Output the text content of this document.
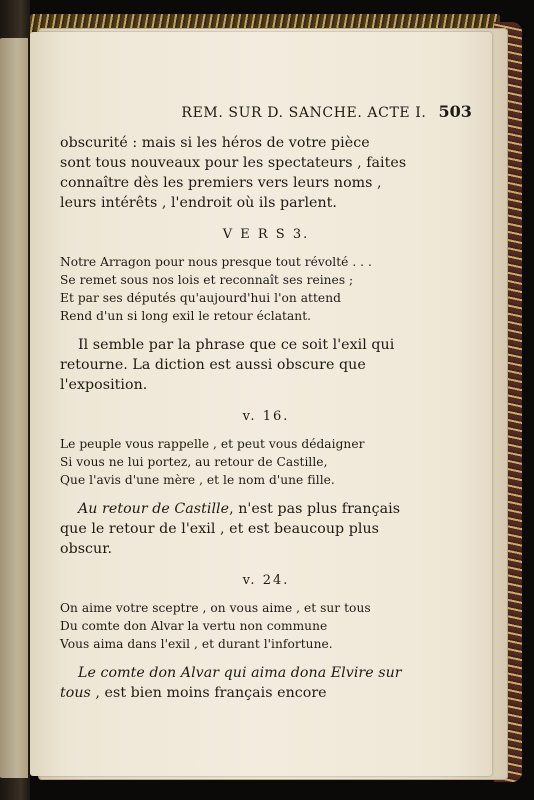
REM. SUR D. SANCHE. ACTE I. 503

obscurité : mais si les héros de votre pièce
sont tous nouveaux pour les spectateurs , faites
connaître dès les premiers vers leurs noms ,
leurs intérêts , l'endroit où ils parlent.

V E R S 3.
Notre Arragon pour nous presque tout révolté . . .
Se remet sous nos lois et reconnaît ses reines ;
Et par ses députés qu'aujourd'hui l'on attend
Rend d'un si long exil le retour éclatant.
Il semble par la phrase que ce soit l'exil qui
retourne. La diction est aussi obscure que
l'exposition.
v. 16.
Le peuple vous rappelle , et peut vous dédaigner
Si vous ne lui portez, au retour de Castille,
Que l'avis d'une mère , et le nom d'une fille.
Au retour de Castille, n'est pas plus français
que le retour de l'exil , et est beaucoup plus
obscur.
v. 24.
On aime votre sceptre , on vous aime , et sur tous
Du comte don Alvar la vertu non commune
Vous aima dans l'exil , et durant l'infortune.
Le comte don Alvar qui aima dona Elvire sur
tous , est bien moins français encore
